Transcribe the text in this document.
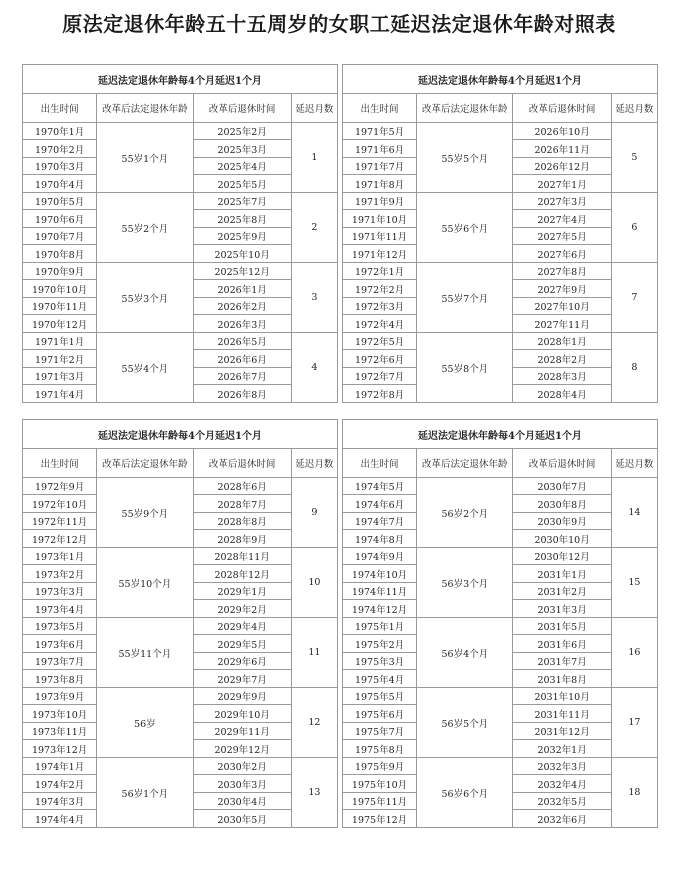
原法定退休年龄五十五周岁的女职工延迟法定退休年龄对照表
延迟法定退休年龄每4个月延迟1个月					延迟法定退休年龄每4个月延迟1个月			
出生时间	改革后法定退休年龄	改革后退休时间	延迟月数		出生时间	改革后法定退休年龄	改革后退休时间	延迟月数
1970年1月	55岁1个月	2025年2月	1		1971年5月	55岁5个月	2026年10月	5
1970年2月		2025年3月			1971年6月		2026年11月	
1970年3月		2025年4月			1971年7月		2026年12月	
1970年4月		2025年5月			1971年8月		2027年1月	
1970年5月	55岁2个月	2025年7月	2		1971年9月	55岁6个月	2027年3月	6
1970年6月		2025年8月			1971年10月		2027年4月	
1970年7月		2025年9月			1971年11月		2027年5月	
1970年8月		2025年10月			1971年12月		2027年6月	
1970年9月	55岁3个月	2025年12月	3		1972年1月	55岁7个月	2027年8月	7
1970年10月		2026年1月			1972年2月		2027年9月	
1970年11月		2026年2月			1972年3月		2027年10月	
1970年12月		2026年3月			1972年4月		2027年11月	
1971年1月	55岁4个月	2026年5月	4		1972年5月	55岁8个月	2028年1月	8
1971年2月		2026年6月			1972年6月		2028年2月	
1971年3月		2026年7月			1972年7月		2028年3月	
1971年4月		2026年8月			1972年8月		2028年4月	
延迟法定退休年龄每4个月延迟1个月					延迟法定退休年龄每4个月延迟1个月			
出生时间	改革后法定退休年龄	改革后退休时间	延迟月数		出生时间	改革后法定退休年龄	改革后退休时间	延迟月数
1972年9月	55岁9个月	2028年6月	9		1974年5月	56岁2个月	2030年7月	14
1972年10月		2028年7月			1974年6月		2030年8月	
1972年11月		2028年8月			1974年7月		2030年9月	
1972年12月		2028年9月			1974年8月		2030年10月	
1973年1月	55岁10个月	2028年11月	10		1974年9月	56岁3个月	2030年12月	15
1973年2月		2028年12月			1974年10月		2031年1月	
1973年3月		2029年1月			1974年11月		2031年2月	
1973年4月		2029年2月			1974年12月		2031年3月	
1973年5月	55岁11个月	2029年4月	11		1975年1月	56岁4个月	2031年5月	16
1973年6月		2029年5月			1975年2月		2031年6月	
1973年7月		2029年6月			1975年3月		2031年7月	
1973年8月		2029年7月			1975年4月		2031年8月	
1973年9月	56岁	2029年9月	12		1975年5月	56岁5个月	2031年10月	17
1973年10月		2029年10月			1975年6月		2031年11月	
1973年11月		2029年11月			1975年7月		2031年12月	
1973年12月		2029年12月			1975年8月		2032年1月	
1974年1月	56岁1个月	2030年2月	13		1975年9月	56岁6个月	2032年3月	18
1974年2月		2030年3月			1975年10月		2032年4月	
1974年3月		2030年4月			1975年11月		2032年5月	
1974年4月		2030年5月			1975年12月		2032年6月	
